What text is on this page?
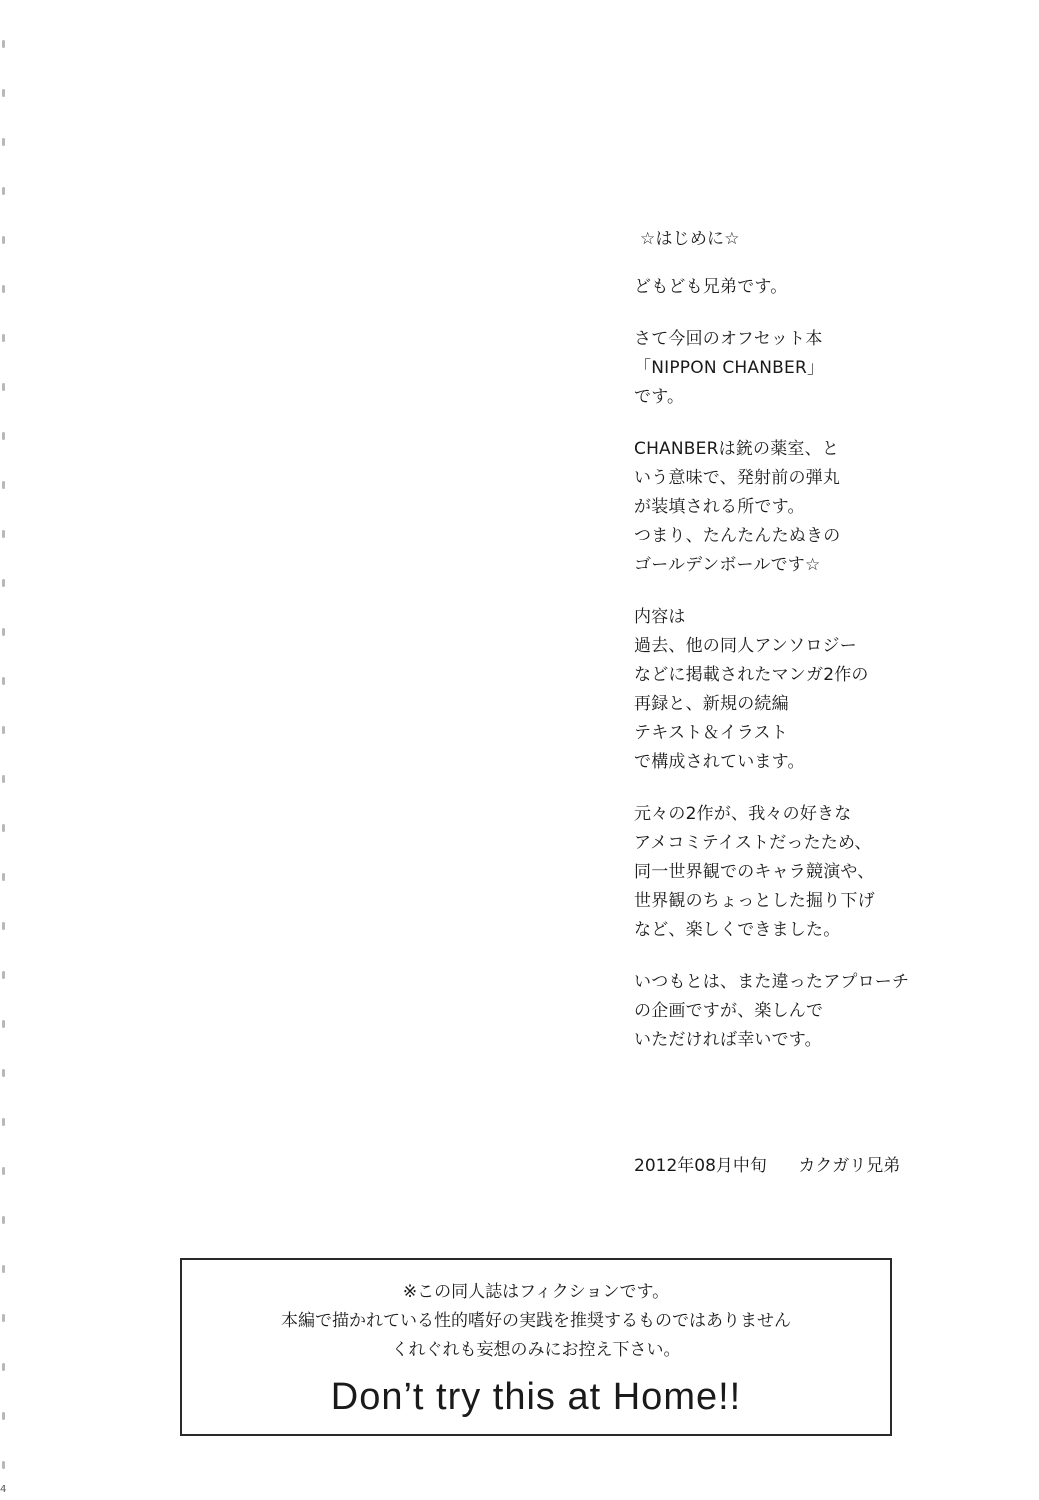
4
☆はじめに☆
どもども兄弟です。
さて今回のオフセット本
「NIPPON CHANBER」
です。
CHANBERは銃の薬室、と
いう意味で、発射前の弾丸
が装填される所です。
つまり、たんたんたぬきの
ゴールデンボールです☆
内容は
過去、他の同人アンソロジー
などに掲載されたマンガ2作の
再録と、新規の続編
テキスト＆イラスト
で構成されています。
元々の2作が、我々の好きな
アメコミテイストだったため、
同一世界観でのキャラ競演や、
世界観のちょっとした掘り下げ
など、楽しくできました。
いつもとは、また違ったアプローチ
の企画ですが、楽しんで
いただければ幸いです。
2012年08月中旬 カクガリ兄弟
※この同人誌はフィクションです。
本編で描かれている性的嗜好の実践を推奨するものではありません
くれぐれも妄想のみにお控え下さい。
Don’t try this at Home!!
